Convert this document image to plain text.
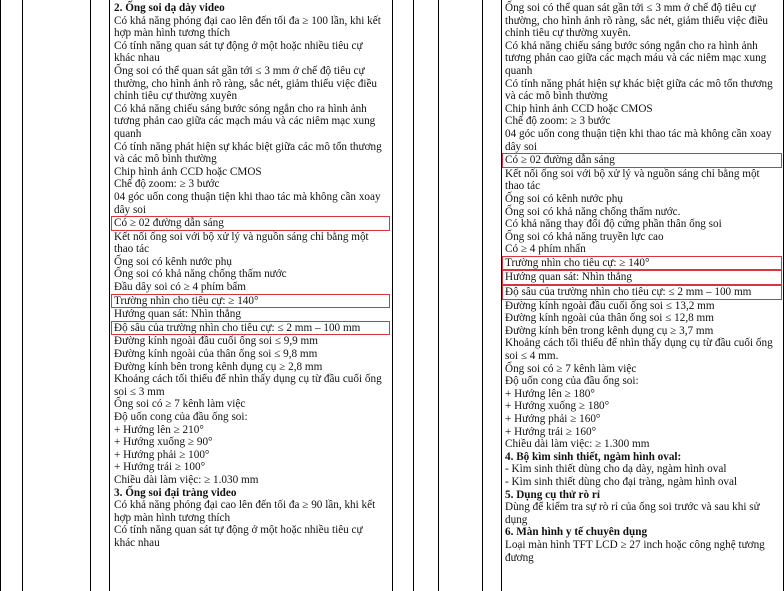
2. Ống soi dạ dày video
Có khả năng phóng đại cao lên đến tối đa ≥ 100 lần, khi kết hợp màn hình tương thích
Có tính năng quan sát tự động ở một hoặc nhiều tiêu cự khác nhau
Ống soi có thể quan sát gần tới ≤ 3 mm ở chế độ tiêu cự thường, cho hình ảnh rõ ràng, sắc nét, giảm thiểu việc điều chỉnh tiêu cự thường xuyên
Có khả năng chiếu sáng bước sóng ngắn cho ra hình ảnh tương phản cao giữa các mạch máu và các niêm mạc xung quanh
Có tính năng phát hiện sự khác biệt giữa các mô tổn thương và các mô bình thường
Chip hình ảnh CCD hoặc CMOS
Chế độ zoom: ≥ 3 bước
04 góc uốn cong thuận tiện khi thao tác mà không cần xoay dây soi
Có ≥ 02 đường dẫn sáng
Kết nối ống soi với bộ xử lý và nguồn sáng chỉ bằng một thao tác
Ống soi có kênh nước phụ
Ống soi có khả năng chống thấm nước
Đầu dây soi có ≥ 4 phím bấm
Trường nhìn cho tiêu cự: ≥ 140°
Hướng quan sát: Nhìn thẳng
Độ sâu của trường nhìn cho tiêu cự: ≤ 2 mm – 100 mm
Đường kính ngoài đầu cuối ống soi ≤ 9,9 mm
Đường kính ngoài của thân ống soi ≤ 9,8 mm
Đường kính bên trong kênh dụng cụ ≥ 2,8 mm
Khoảng cách tối thiểu để nhìn thấy dụng cụ từ đầu cuối ống soi ≤ 3 mm
Ống soi có ≥ 7 kênh làm việc
Độ uốn cong của đầu ống soi:
+ Hướng lên ≥ 210°
+ Hướng xuống ≥ 90°
+ Hướng phải ≥ 100°
+ Hướng trái ≥ 100°
Chiều dài làm việc: ≥ 1.030 mm
3. Ống soi đại tràng video
Có khả năng phóng đại cao lên đến tối đa ≥ 90 lần, khi kết hợp màn hình tương thích
Có tính năng quan sát tự động ở một hoặc nhiều tiêu cự khác nhau
Ống soi có thể quan sát gần tới ≤ 3 mm ở chế độ tiêu cự thường, cho hình ảnh rõ ràng, sắc nét, giảm thiểu việc điều chỉnh tiêu cự thường xuyên.
Có khả năng chiếu sáng bước sóng ngắn cho ra hình ảnh tương phản cao giữa các mạch máu và các niêm mạc xung quanh
Có tính năng phát hiện sự khác biệt giữa các mô tổn thương và các mô bình thường
Chip hình ảnh CCD hoặc CMOS
Chế độ zoom: ≥ 3 bước
04 góc uốn cong thuận tiện khi thao tác mà không cần xoay dây soi
Có ≥ 02 đường dẫn sáng
Kết nối ống soi với bộ xử lý và nguồn sáng chỉ bằng một thao tác
Ống soi có kênh nước phụ
Ống soi có khả năng chống thấm nước.
Có khả năng thay đổi độ cứng phần thân ống soi
Ống soi có khả năng truyền lực cao
Có ≥ 4 phím nhấn
Trường nhìn cho tiêu cự: ≥ 140°
Hướng quan sát: Nhìn thẳng
Độ sâu của trường nhìn cho tiêu cự: ≤ 2 mm – 100 mm
Đường kính ngoài đầu cuối ống soi ≤ 13,2 mm
Đường kính ngoài của thân ống soi ≤ 12,8 mm
Đường kính bên trong kênh dụng cụ ≥ 3,7 mm
Khoảng cách tối thiểu để nhìn thấy dụng cụ từ đầu cuối ống soi ≤ 4 mm.
Ống soi có ≥ 7 kênh làm việc
Độ uốn cong của đầu ống soi:
+ Hướng lên ≥ 180°
+ Hướng xuống ≥ 180°
+ Hướng phải ≥ 160°
+ Hướng trái ≥ 160°
Chiều dài làm việc: ≥ 1.300 mm
4. Bộ kìm sinh thiết, ngàm hình oval:
- Kìm sinh thiết dùng cho dạ dày, ngàm hình oval
- Kìm sinh thiết dùng cho đại tràng, ngàm hình oval
5. Dụng cụ thử rò rỉ
Dùng để kiểm tra sự rò rỉ của ống soi trước và sau khi sử dụng
6. Màn hình y tế chuyên dụng
Loại màn hình TFT LCD ≥ 27 inch hoặc công nghệ tương đương
